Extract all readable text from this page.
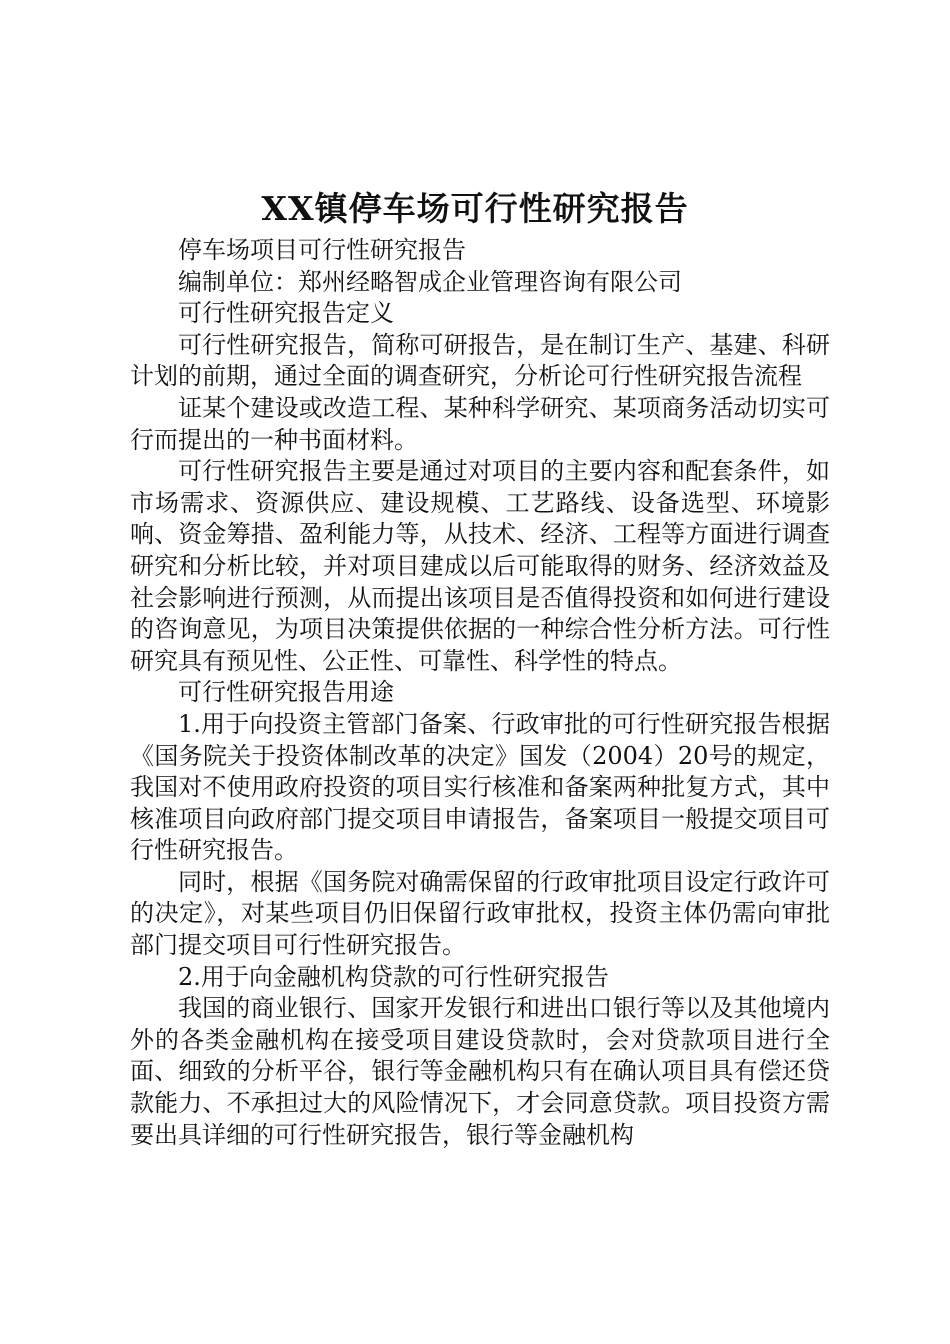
XX镇停车场可行性研究报告

停车场项目可行性研究报告

编制单位：郑州经略智成企业管理咨询有限公司

可行性研究报告定义

可行性研究报告，简称可研报告，是在制订生产、基建、科研计划的前期，通过全面的调查研究，分析论可行性研究报告流程

证某个建设或改造工程、某种科学研究、某项商务活动切实可行而提出的一种书面材料。

可行性研究报告主要是通过对项目的主要内容和配套条件，如市场需求、资源供应、建设规模、工艺路线、设备选型、环境影响、资金筹措、盈利能力等，从技术、经济、工程等方面进行调查研究和分析比较，并对项目建成以后可能取得的财务、经济效益及社会影响进行预测，从而提出该项目是否值得投资和如何进行建设的咨询意见，为项目决策提供依据的一种综合性分析方法。可行性研究具有预见性、公正性、可靠性、科学性的特点。

可行性研究报告用途

1.用于向投资主管部门备案、行政审批的可行性研究报告根据《国务院关于投资体制改革的决定》国发（2004）20号的规定，我国对不使用政府投资的项目实行核准和备案两种批复方式，其中核准项目向政府部门提交项目申请报告，备案项目一般提交项目可行性研究报告。

同时，根据《国务院对确需保留的行政审批项目设定行政许可的决定》，对某些项目仍旧保留行政审批权，投资主体仍需向审批部门提交项目可行性研究报告。

2.用于向金融机构贷款的可行性研究报告

我国的商业银行、国家开发银行和进出口银行等以及其他境内外的各类金融机构在接受项目建设贷款时，会对贷款项目进行全面、细致的分析平谷，银行等金融机构只有在确认项目具有偿还贷款能力、不承担过大的风险情况下，才会同意贷款。项目投资方需要出具详细的可行性研究报告，银行等金融机构
